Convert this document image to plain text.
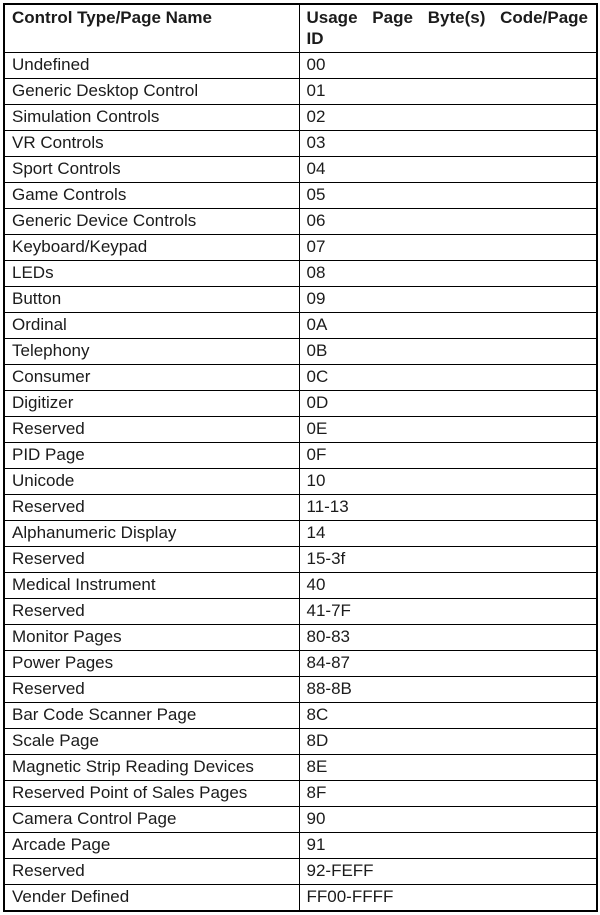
Control Type/Page Name	Usage Page Byte(s) Code/Page
ID

Undefined	00
Generic Desktop Control	01
Simulation Controls	02
VR Controls	03
Sport Controls	04
Game Controls	05
Generic Device Controls	06
Keyboard/Keypad	07
LEDs	08
Button	09
Ordinal	0A
Telephony	0B
Consumer	0C
Digitizer	0D
Reserved	0E
PID Page	0F
Unicode	10
Reserved	11-13
Alphanumeric Display	14
Reserved	15-3f
Medical Instrument	40
Reserved	41-7F
Monitor Pages	80-83
Power Pages	84-87
Reserved	88-8B
Bar Code Scanner Page	8C
Scale Page	8D
Magnetic Strip Reading Devices	8E
Reserved Point of Sales Pages	8F
Camera Control Page	90
Arcade Page	91
Reserved	92-FEFF
Vender Defined	FF00-FFFF
